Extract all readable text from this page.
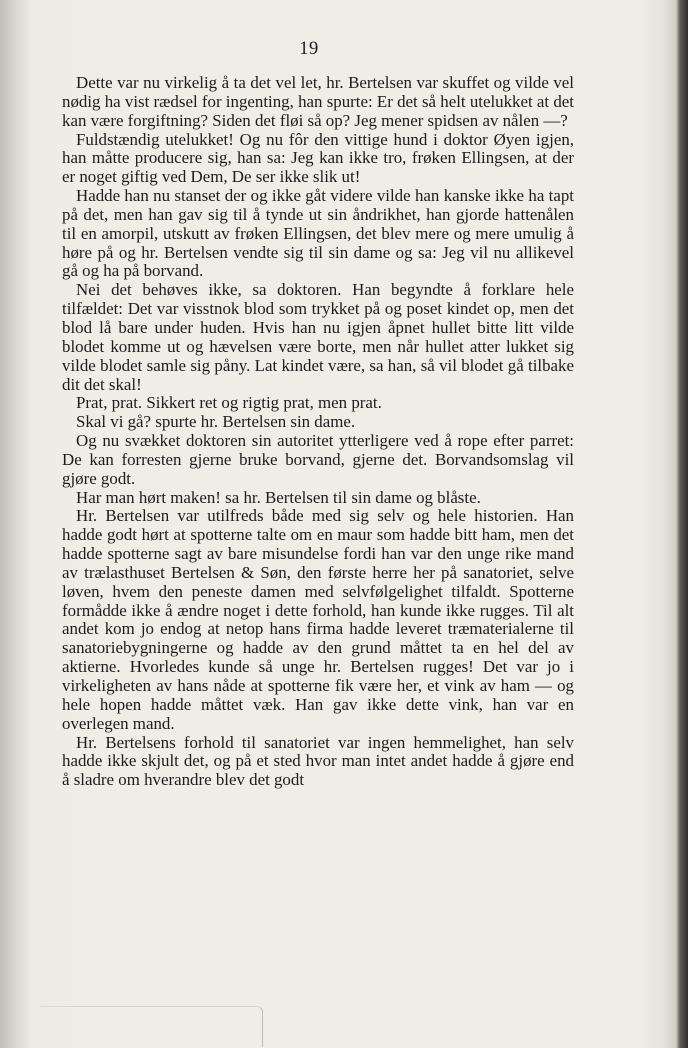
19

Dette var nu virkelig å ta det vel let, hr. Bertelsen var skuffet og vilde vel nødig ha vist rædsel for ingenting, han spurte: Er det så helt utelukket at det kan være forgiftning? Siden det fløi så op? Jeg mener spidsen av nålen —?

Fuldstændig utelukket! Og nu fôr den vittige hund i doktor Øyen igjen, han måtte producere sig, han sa: Jeg kan ikke tro, frøken Ellingsen, at der er noget giftig ved Dem, De ser ikke slik ut!

Hadde han nu stanset der og ikke gåt videre vilde han kanske ikke ha tapt på det, men han gav sig til å tynde ut sin åndrikhet, han gjorde hattenålen til en amorpil, utskutt av frøken Ellingsen, det blev mere og mere umulig å høre på og hr. Bertelsen vendte sig til sin dame og sa: Jeg vil nu allikevel gå og ha på borvand.

Nei det behøves ikke, sa doktoren. Han begyndte å forklare hele tilfældet: Det var visstnok blod som trykket på og poset kindet op, men det blod lå bare under huden. Hvis han nu igjen åpnet hullet bitte litt vilde blodet komme ut og hævelsen være borte, men når hullet atter lukket sig vilde blodet samle sig påny. Lat kindet være, sa han, så vil blodet gå tilbake dit det skal!

Prat, prat. Sikkert ret og rigtig prat, men prat.

Skal vi gå? spurte hr. Bertelsen sin dame.

Og nu svækket doktoren sin autoritet ytterligere ved å rope efter parret: De kan forresten gjerne bruke borvand, gjerne det. Borvandsomslag vil gjøre godt.

Har man hørt maken! sa hr. Bertelsen til sin dame og blåste.

Hr. Bertelsen var utilfreds både med sig selv og hele historien. Han hadde godt hørt at spotterne talte om en maur som hadde bitt ham, men det hadde spotterne sagt av bare misundelse fordi han var den unge rike mand av trælasthuset Bertelsen & Søn, den første herre her på sanatoriet, selve løven, hvem den peneste damen med selvfølgelighet tilfaldt. Spotterne formådde ikke å ændre noget i dette forhold, han kunde ikke rugges. Til alt andet kom jo endog at netop hans firma hadde leveret træmaterialerne til sanatoriebygningerne og hadde av den grund måttet ta en hel del av aktierne. Hvorledes kunde så unge hr. Bertelsen rugges! Det var jo i virkeligheten av hans nåde at spotterne fik være her, et vink av ham — og hele hopen hadde måttet væk. Han gav ikke dette vink, han var en overlegen mand.

Hr. Bertelsens forhold til sanatoriet var ingen hemmelighet, han selv hadde ikke skjult det, og på et sted hvor man intet andet hadde å gjøre end å sladre om hverandre blev det godt
